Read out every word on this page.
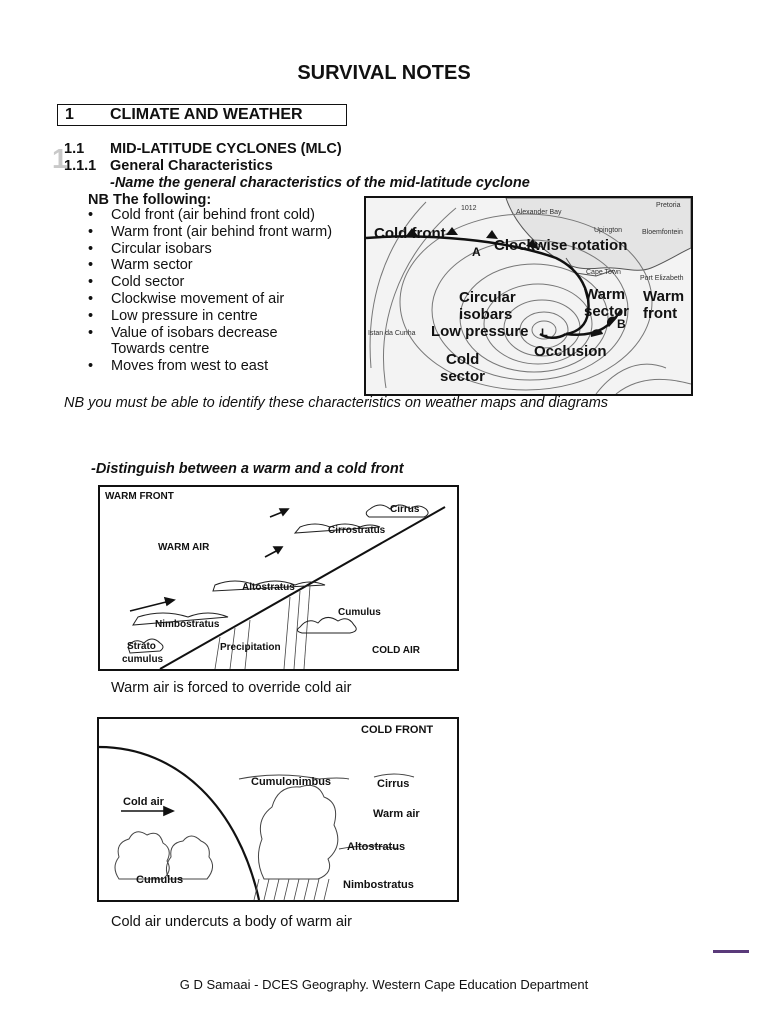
1
SURVIVAL NOTES
1 CLIMATE AND WEATHER
1.1 MID-LATITUDE CYCLONES (MLC)
1.1.1 General Characteristics
-Name the general characteristics of the mid-latitude cyclone
NB The following:
• Cold front (air behind front cold)
• Warm front (air behind front warm)
• Circular isobars
• Warm sector
• Cold sector
• Clockwise movement of air
• Low pressure in centre
• Value of isobars decrease
Towards centre
• Moves from west to east
Pretoria
Alexander Bay
Upington	Bloemfontein
Cape Town
Port Elizabeth
Istan da Cunha
1012
Cold front
Clockwise rotation
Circular
isobars
Low pressure
Warm
sector
Warm
front
Occlusion
Cold
sector
A
B
L
NB you must be able to identify these characteristics on weather maps and diagrams
-Distinguish between a warm and a cold front
WARM FRONT
WARM AIR
Cirrus
Cirrostratus
Altostratus
Cumulus
Nimbostratus
Strato
cumulus
Precipitation	COLD AIR
Warm air is forced to override cold air
COLD FRONT
Cumulonimbus	Cirrus
Cold air
Warm air
Altostratus
Cumulus	Nimbostratus
Cold air undercuts a body of warm air
G D Samaai - DCES Geography. Western Cape Education Department
